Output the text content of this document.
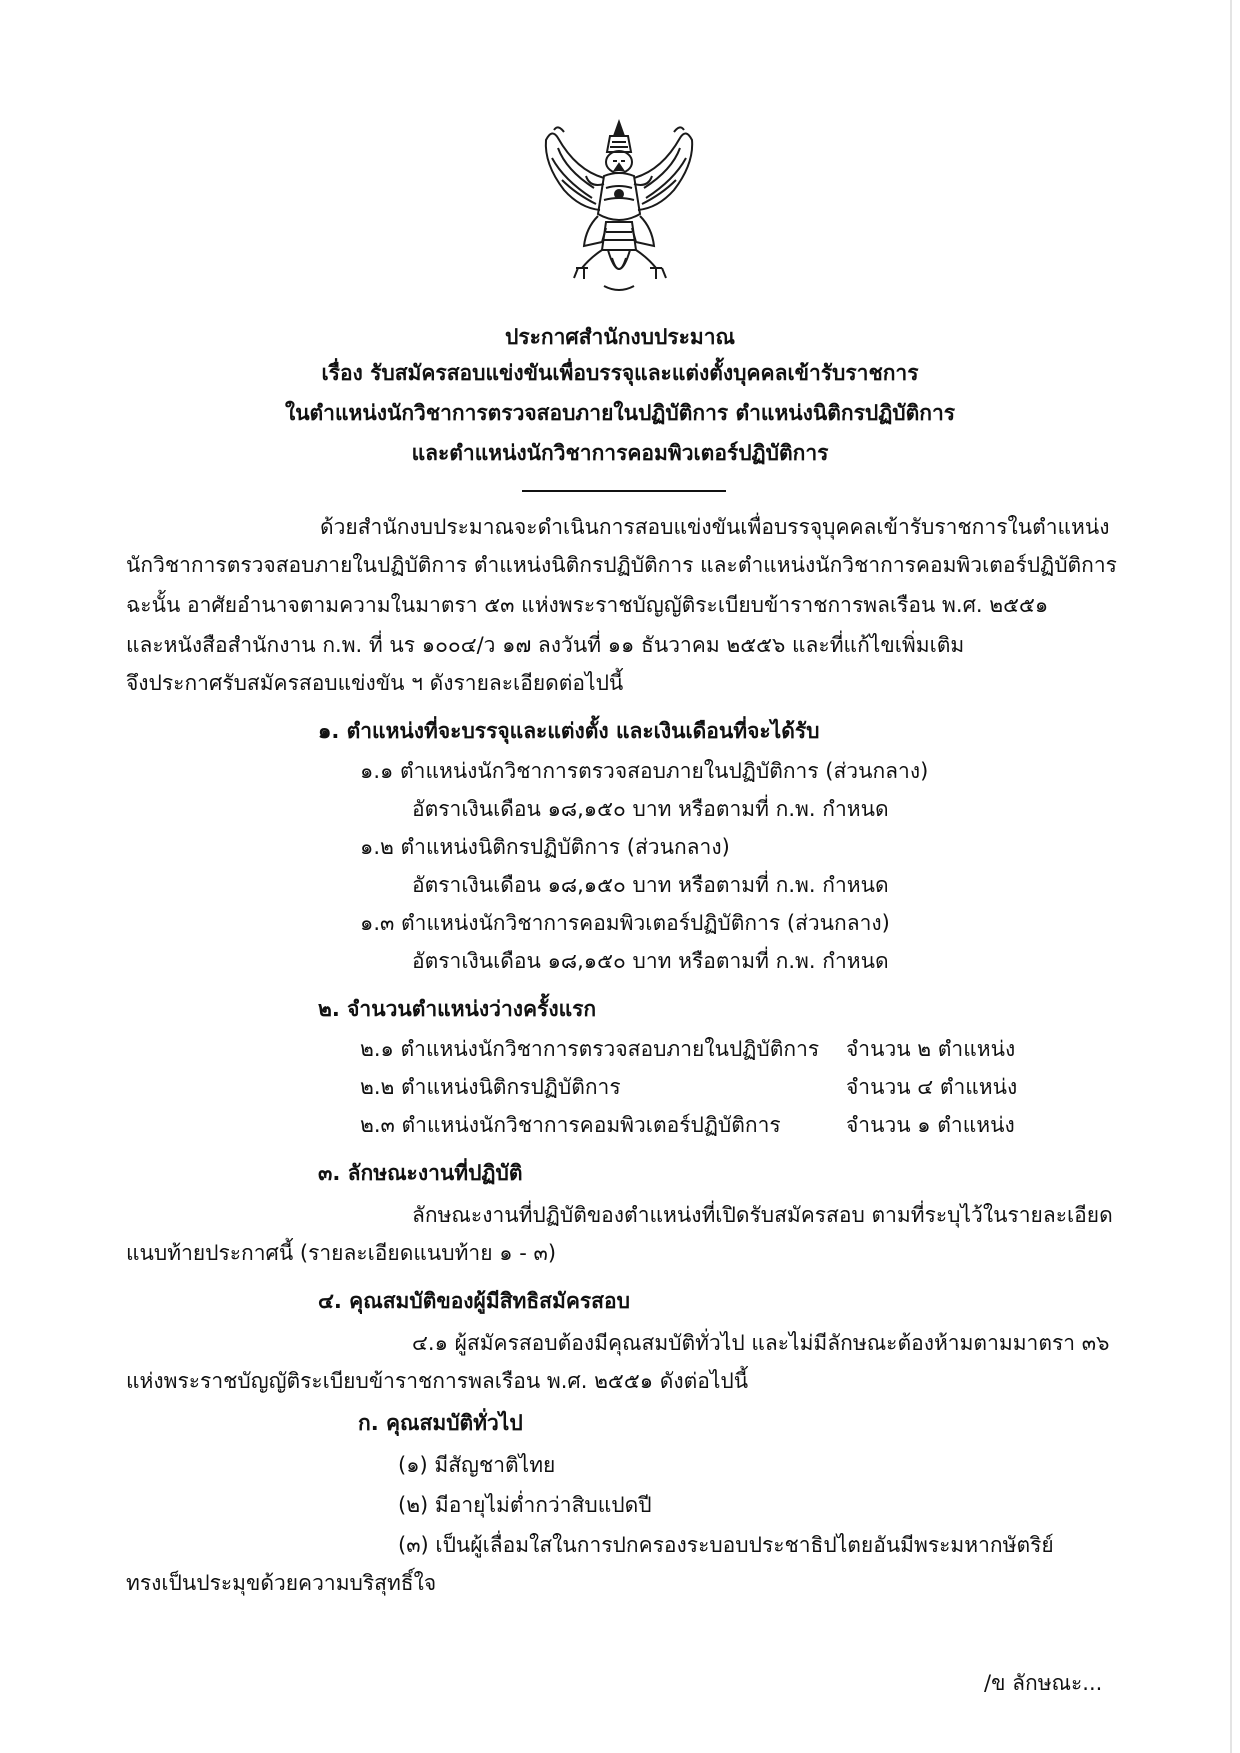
ประกาศสำนักงบประมาณ
เรื่อง รับสมัครสอบแข่งขันเพื่อบรรจุและแต่งตั้งบุคคลเข้ารับราชการ
ในตำแหน่งนักวิชาการตรวจสอบภายในปฏิบัติการ ตำแหน่งนิติกรปฏิบัติการ
และตำแหน่งนักวิชาการคอมพิวเตอร์ปฏิบัติการ
ด้วยสำนักงบประมาณจะดำเนินการสอบแข่งขันเพื่อบรรจุบุคคลเข้ารับราชการในตำแหน่ง
นักวิชาการตรวจสอบภายในปฏิบัติการ ตำแหน่งนิติกรปฏิบัติการ และตำแหน่งนักวิชาการคอมพิวเตอร์ปฏิบัติการ
ฉะนั้น อาศัยอำนาจตามความในมาตรา ๕๓ แห่งพระราชบัญญัติระเบียบข้าราชการพลเรือน พ.ศ. ๒๕๕๑
และหนังสือสำนักงาน ก.พ. ที่ นร ๑๐๐๔/ว ๑๗ ลงวันที่ ๑๑ ธันวาคม ๒๕๕๖ และที่แก้ไขเพิ่มเติม
จึงประกาศรับสมัครสอบแข่งขัน ฯ ดังรายละเอียดต่อไปนี้
๑. ตำแหน่งที่จะบรรจุและแต่งตั้ง และเงินเดือนที่จะได้รับ
๑.๑ ตำแหน่งนักวิชาการตรวจสอบภายในปฏิบัติการ (ส่วนกลาง)
อัตราเงินเดือน ๑๘,๑๕๐ บาท หรือตามที่ ก.พ. กำหนด
๑.๒ ตำแหน่งนิติกรปฏิบัติการ (ส่วนกลาง)
อัตราเงินเดือน ๑๘,๑๕๐ บาท หรือตามที่ ก.พ. กำหนด
๑.๓ ตำแหน่งนักวิชาการคอมพิวเตอร์ปฏิบัติการ (ส่วนกลาง)
อัตราเงินเดือน ๑๘,๑๕๐ บาท หรือตามที่ ก.พ. กำหนด
๒. จำนวนตำแหน่งว่างครั้งแรก
๒.๑ ตำแหน่งนักวิชาการตรวจสอบภายในปฏิบัติการ จำนวน ๒ ตำแหน่ง
๒.๒ ตำแหน่งนิติกรปฏิบัติการ	จำนวน ๔ ตำแหน่ง
๒.๓ ตำแหน่งนักวิชาการคอมพิวเตอร์ปฏิบัติการ	จำนวน ๑ ตำแหน่ง
๓. ลักษณะงานที่ปฏิบัติ
ลักษณะงานที่ปฏิบัติของตำแหน่งที่เปิดรับสมัครสอบ ตามที่ระบุไว้ในรายละเอียด
แนบท้ายประกาศนี้ (รายละเอียดแนบท้าย ๑ - ๓)
๔. คุณสมบัติของผู้มีสิทธิสมัครสอบ
๔.๑ ผู้สมัครสอบต้องมีคุณสมบัติทั่วไป และไม่มีลักษณะต้องห้ามตามมาตรา ๓๖
แห่งพระราชบัญญัติระเบียบข้าราชการพลเรือน พ.ศ. ๒๕๕๑ ดังต่อไปนี้
ก. คุณสมบัติทั่วไป
(๑) มีสัญชาติไทย
(๒) มีอายุไม่ต่ำกว่าสิบแปดปี
(๓) เป็นผู้เลื่อมใสในการปกครองระบอบประชาธิปไตยอันมีพระมหากษัตริย์
ทรงเป็นประมุขด้วยความบริสุทธิ์ใจ
/ข ลักษณะ...
